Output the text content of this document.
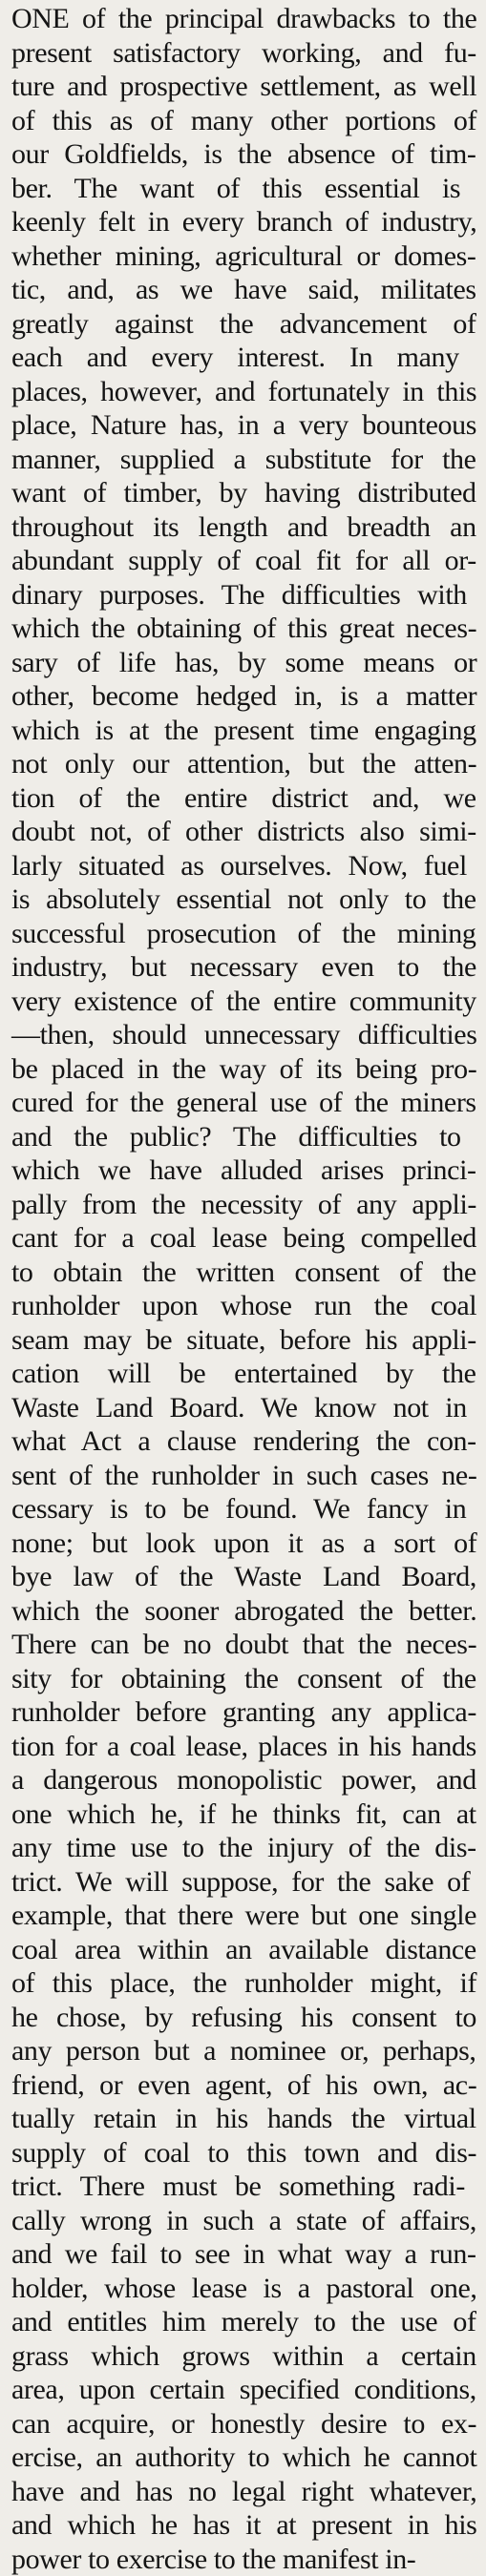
ONE of the principal drawbacks to the
present satisfactory working, and fu-
ture and prospective settlement, as well
of this as of many other portions of
our Goldfields, is the absence of tim-
ber. The want of this essential is
keenly felt in every branch of industry,
whether mining, agricultural or domes-
tic, and, as we have said, militates
greatly against the advancement of
each and every interest. In many
places, however, and fortunately in this
place, Nature has, in a very bounteous
manner, supplied a substitute for the
want of timber, by having distributed
throughout its length and breadth an
abundant supply of coal fit for all or-
dinary purposes. The difficulties with
which the obtaining of this great neces-
sary of life has, by some means or
other, become hedged in, is a matter
which is at the present time engaging
not only our attention, but the atten-
tion of the entire district and, we
doubt not, of other districts also simi-
larly situated as ourselves. Now, fuel
is absolutely essential not only to the
successful prosecution of the mining
industry, but necessary even to the
very existence of the entire community
—then, should unnecessary difficulties
be placed in the way of its being pro-
cured for the general use of the miners
and the public? The difficulties to
which we have alluded arises princi-
pally from the necessity of any appli-
cant for a coal lease being compelled
to obtain the written consent of the
runholder upon whose run the coal
seam may be situate, before his appli-
cation will be entertained by the
Waste Land Board. We know not in
what Act a clause rendering the con-
sent of the runholder in such cases ne-
cessary is to be found. We fancy in
none; but look upon it as a sort of
bye law of the Waste Land Board,
which the sooner abrogated the better.
There can be no doubt that the neces-
sity for obtaining the consent of the
runholder before granting any applica-
tion for a coal lease, places in his hands
a dangerous monopolistic power, and
one which he, if he thinks fit, can at
any time use to the injury of the dis-
trict. We will suppose, for the sake of
example, that there were but one single
coal area within an available distance
of this place, the runholder might, if
he chose, by refusing his consent to
any person but a nominee or, perhaps,
friend, or even agent, of his own, ac-
tually retain in his hands the virtual
supply of coal to this town and dis-
trict. There must be something radi-
cally wrong in such a state of affairs,
and we fail to see in what way a run-
holder, whose lease is a pastoral one,
and entitles him merely to the use of
grass which grows within a certain
area, upon certain specified conditions,
can acquire, or honestly desire to ex-
ercise, an authority to which he cannot
have and has no legal right whatever,
and which he has it at present in his
power to exercise to the manifest in-
